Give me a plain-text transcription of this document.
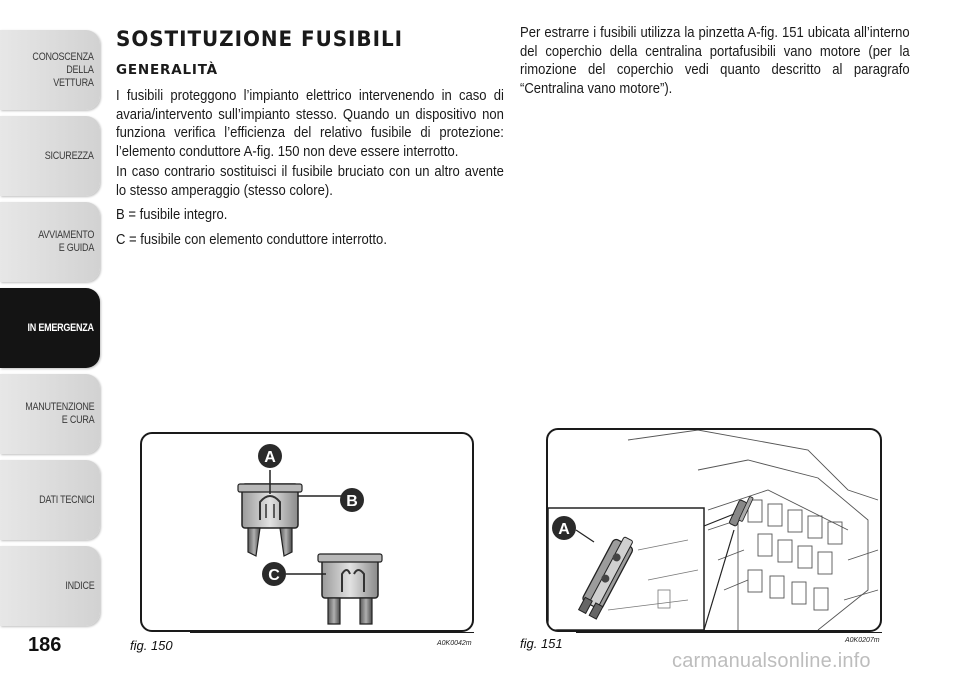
CONOSCENZA
DELLA
VETTURA
SICUREZZA
AVVIAMENTO
E GUIDA
IN EMERGENZA
MANUTENZIONE
E CURA
DATI TECNICI
INDICE
186
SOSTITUZIONE FUSIBILI
GENERALITÀ

I fusibili proteggono l’impianto elettrico intervenendo in caso di avaria/intervento sull’impianto stesso. Quando un dispositivo non funziona verifica l’efficienza del relativo fusibile di protezione: l’elemento conduttore A-fig. 150 non deve essere interrotto.

In caso contrario sostituisci il fusibile bruciato con un altro avente lo stesso amperaggio (stesso colore).

B = fusibile integro.

C = fusibile con elemento conduttore interrotto.

Per estrarre i fusibili utilizza la pinzetta A-fig. 151 ubicata all’interno del coperchio della centralina portafusibili vano motore (per la rimozione del coperchio vedi quanto descritto al paragrafo “Centralina vano motore”).

A
B
C
fig. 150	A0K0042m
A
fig. 151	A0K0207m
carmanualsonline.info
